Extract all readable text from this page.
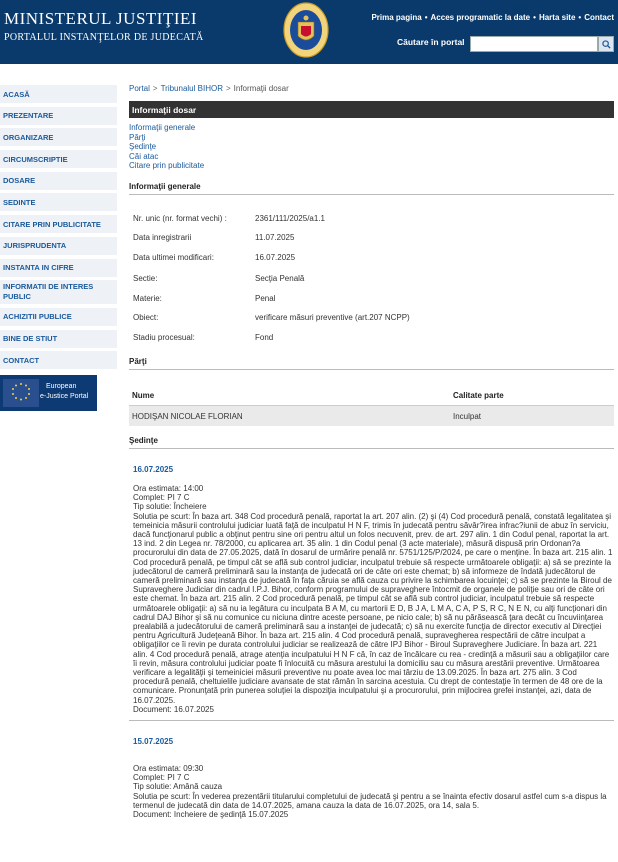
MINISTERUL JUSTIŢIEI
PORTALUL INSTANŢELOR DE JUDECATĂ
Prima pagina • Acces programatic la date • Harta site • Contact
Căutare în portal
ACASĂ
PREZENTARE
ORGANIZARE
CIRCUMSCRIPTIE
DOSARE
SEDINTE
CITARE PRIN PUBLICITATE
JURISPRUDENTA
INSTANTA IN CIFRE
INFORMATII DE INTERES PUBLIC
ACHIZITII PUBLICE
BINE DE STIUT
CONTACT
European
e-Justice Portal
Portal > Tribunalul BIHOR > Informaţii dosar
Informaţii dosar
Informaţii generale
Părţi
Şedinţe
Căi atac
Citare prin publicitate
Informaţii generale
Nr. unic (nr. format vechi) :	2361/111/2025/a1.1
Data inregistrarii	11.07.2025
Data ultimei modificari:	16.07.2025
Sectie:	Secţia Penală
Materie:	Penal
Obiect:	verificare măsuri preventive (art.207 NCPP)
Stadiu procesual:	Fond
Părţi
Nume	Calitate parte
HODIŞAN NICOLAE FLORIAN	Inculpat
Şedinţe
16.07.2025
Ora estimata: 14:00
Complet: PI 7 C
Tip solutie: Încheiere
Solutia pe scurt: În baza art. 348 Cod procedură penală, raportat la art. 207 alin. (2) şi (4) Cod procedură penală, constată legalitatea şi temeinicia măsurii controlului judiciar luată faţă de inculpatul H N F, trimis în judecată pentru săvâr?irea infrac?iunii de abuz în serviciu, dacă funcţionarul public a obţinut pentru sine ori pentru altul un folos necuvenit, prev. de art. 297 alin. 1 din Codul penal, raportat la art. 13 ind. 2 din Legea nr. 78/2000, cu aplicarea art. 35 alin. 1 din Codul penal (3 acte materiale), măsură dispusă prin Ordonan?a procurorului din data de 27.05.2025, dată în dosarul de urmărire penală nr. 5751/125/P/2024, pe care o menţine. În baza art. 215 alin. 1 Cod procedură penală, pe timpul cât se află sub control judiciar, inculpatul trebuie să respecte următoarele obligaţii: a) să se prezinte la judecătorul de cameră preliminară sau la instanţa de judecată ori de câte ori este chemat; b) să informeze de îndată judecătorul de cameră preliminară sau instanţa de judecată în faţa căruia se află cauza cu privire la schimbarea locuinţei; c) să se prezinte la Biroul de Supraveghere Judiciar din cadrul I.P.J. Bihor, conform programului de supraveghere întocmit de organele de poliţie sau ori de câte ori este chemat. În baza art. 215 alin. 2 Cod procedură penală, pe timpul cât se află sub control judiciar, inculpatul trebuie să respecte următoarele obligaţii: a) să nu ia legătura cu inculpata B A M, cu martorii E D, B J A, L M A, C A, P S, R C, N E N, cu alţi funcţionari din cadrul DAJ Bihor şi să nu comunice cu niciuna dintre aceste persoane, pe nicio cale; b) să nu părăsească ţara decât cu încuviinţarea prealabilă a judecătorului de cameră preliminară sau a instanţei de judecată; c) să nu exercite funcţia de director executiv al Direcţiei pentru Agricultură Judeţeană Bihor. În baza art. 215 alin. 4 Cod procedură penală, supravegherea respectării de către inculpat a obligaţiilor ce îi revin pe durata controlului judiciar se realizează de către IPJ Bihor - Biroul Supraveghere Judiciare. În baza art. 221 alin. 4 Cod procedură penală, atrage atenţia inculpatului H N F că, în caz de încălcare cu rea - credinţă a măsurii sau a obligaţiilor care îi revin, măsura controlului judiciar poate fi înlocuită cu măsura arestului la domiciliu sau cu măsura arestării preventive. Următoarea verificare a legalităţii şi temeiniciei măsurii preventive nu poate avea loc mai târziu de 13.09.2025. În baza art. 275 alin. 3 Cod procedură penală, cheltuielile judiciare avansate de stat rămân în sarcina acestuia. Cu drept de contestaţie în termen de 48 ore de la comunicare. Pronunţată prin punerea soluţiei la dispoziţia inculpatului şi a procurorului, prin mijlocirea grefei instanţei, azi, data de 16.07.2025.
Document: 16.07.2025
15.07.2025
Ora estimata: 09:30
Complet: PI 7 C
Tip solutie: Amână cauza
Solutia pe scurt: În vederea prezentării titularului completului de judecată şi pentru a se înainta efectiv dosarul astfel cum s-a dispus la termenul de judecată din data de 14.07.2025, amana cauza la data de 16.07.2025, ora 14, sala 5.
Document: Incheiere de şedinţă 15.07.2025
